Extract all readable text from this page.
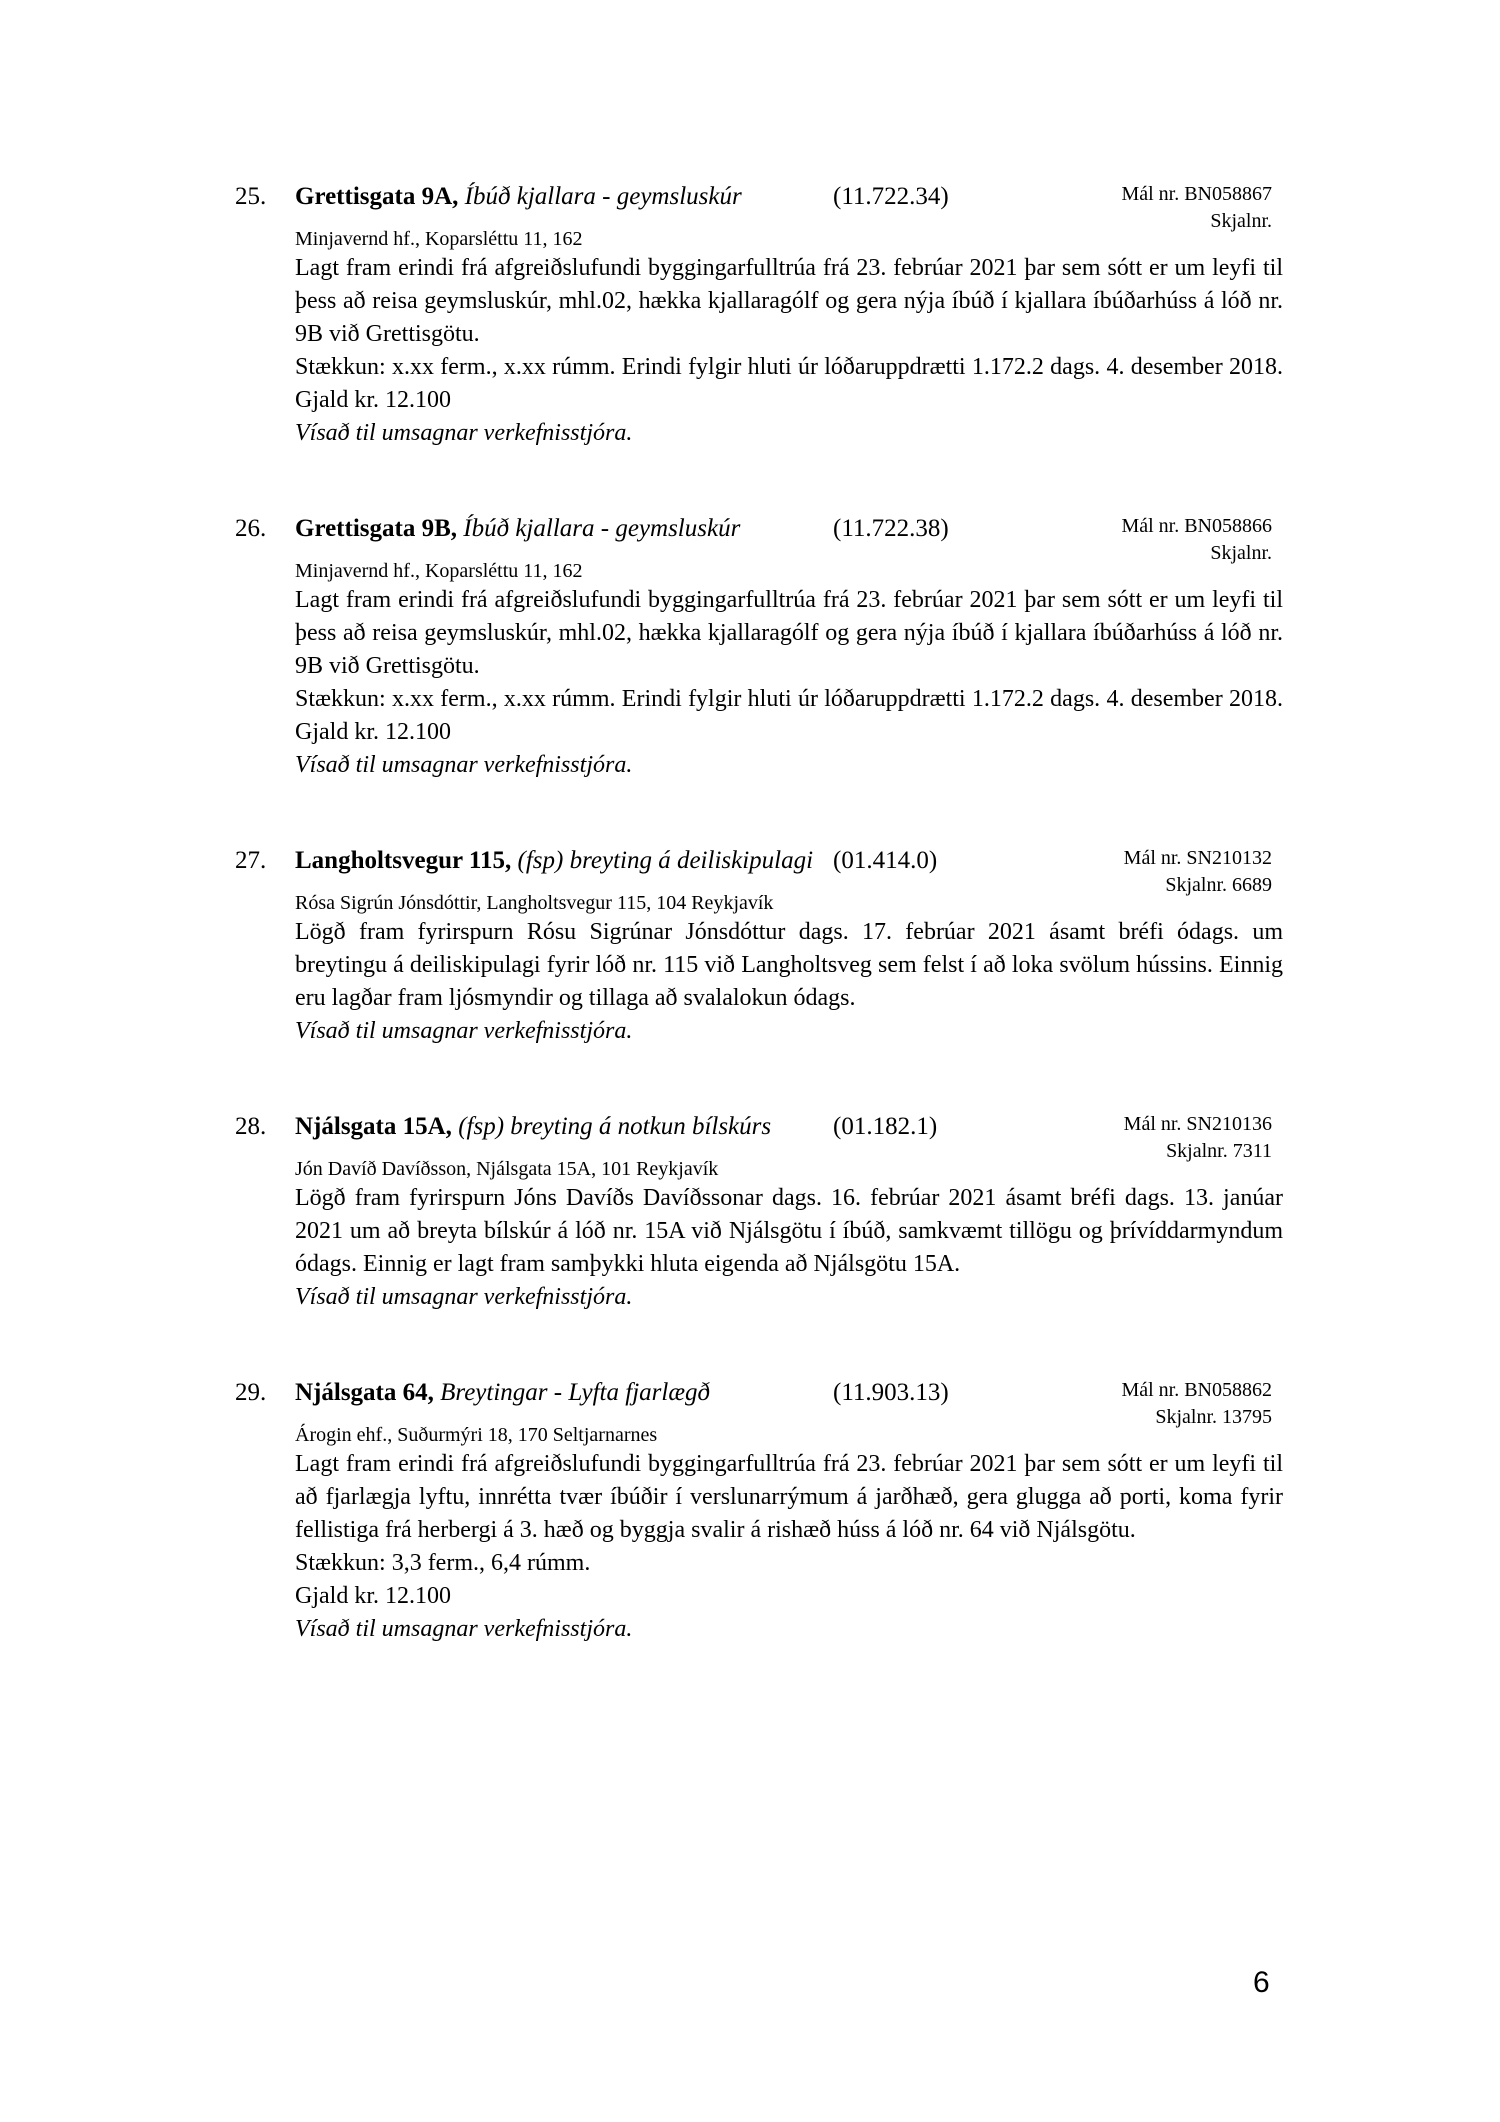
25. Grettisgata 9A, Íbúð kjallara - geymsluskúr	(11.722.34)	Mál nr. BN058867
Skjalnr.
Minjavernd hf., Koparsléttu 11, 162

Lagt fram erindi frá afgreiðslufundi byggingarfulltrúa frá 23. febrúar 2021 þar sem sótt er um leyfi til þess að reisa geymsluskúr, mhl.02, hækka kjallaragólf og gera nýja íbúð í kjallara íbúðarhúss á lóð nr. 9B við Grettisgötu.

Stækkun: x.xx ferm., x.xx rúmm. Erindi fylgir hluti úr lóðaruppdrætti 1.172.2 dags. 4. desember 2018. Gjald kr. 12.100

Vísað til umsagnar verkefnisstjóra.

26. Grettisgata 9B, Íbúð kjallara - geymsluskúr	(11.722.38)	Mál nr. BN058866
Skjalnr.
Minjavernd hf., Koparsléttu 11, 162

Lagt fram erindi frá afgreiðslufundi byggingarfulltrúa frá 23. febrúar 2021 þar sem sótt er um leyfi til þess að reisa geymsluskúr, mhl.02, hækka kjallaragólf og gera nýja íbúð í kjallara íbúðarhúss á lóð nr. 9B við Grettisgötu.

Stækkun: x.xx ferm., x.xx rúmm. Erindi fylgir hluti úr lóðaruppdrætti 1.172.2 dags. 4. desember 2018. Gjald kr. 12.100

Vísað til umsagnar verkefnisstjóra.

27. Langholtsvegur 115, (fsp) breyting á deiliskipulagi (01.414.0)	Mál nr. SN210132
Skjalnr. 6689
Rósa Sigrún Jónsdóttir, Langholtsvegur 115, 104 Reykjavík

Lögð fram fyrirspurn Rósu Sigrúnar Jónsdóttur dags. 17. febrúar 2021 ásamt bréfi ódags. um breytingu á deiliskipulagi fyrir lóð nr. 115 við Langholtsveg sem felst í að loka svölum hússins. Einnig eru lagðar fram ljósmyndir og tillaga að svalalokun ódags.

Vísað til umsagnar verkefnisstjóra.

28. Njálsgata 15A, (fsp) breyting á notkun bílskúrs (01.182.1)	Mál nr. SN210136
Skjalnr. 7311
Jón Davíð Davíðsson, Njálsgata 15A, 101 Reykjavík

Lögð fram fyrirspurn Jóns Davíðs Davíðssonar dags. 16. febrúar 2021 ásamt bréfi dags. 13. janúar 2021 um að breyta bílskúr á lóð nr. 15A við Njálsgötu í íbúð, samkvæmt tillögu og þrívíddarmyndum ódags. Einnig er lagt fram samþykki hluta eigenda að Njálsgötu 15A.

Vísað til umsagnar verkefnisstjóra.

29. Njálsgata 64, Breytingar - Lyfta fjarlægð	(11.903.13)	Mál nr. BN058862
Skjalnr. 13795
Árogin ehf., Suðurmýri 18, 170 Seltjarnarnes

Lagt fram erindi frá afgreiðslufundi byggingarfulltrúa frá 23. febrúar 2021 þar sem sótt er um leyfi til að fjarlægja lyftu, innrétta tvær íbúðir í verslunarrýmum á jarðhæð, gera glugga að porti, koma fyrir fellistiga frá herbergi á 3. hæð og byggja svalir á rishæð húss á lóð nr. 64 við Njálsgötu.

Stækkun: 3,3 ferm., 6,4 rúmm.

Gjald kr. 12.100

Vísað til umsagnar verkefnisstjóra.

6
